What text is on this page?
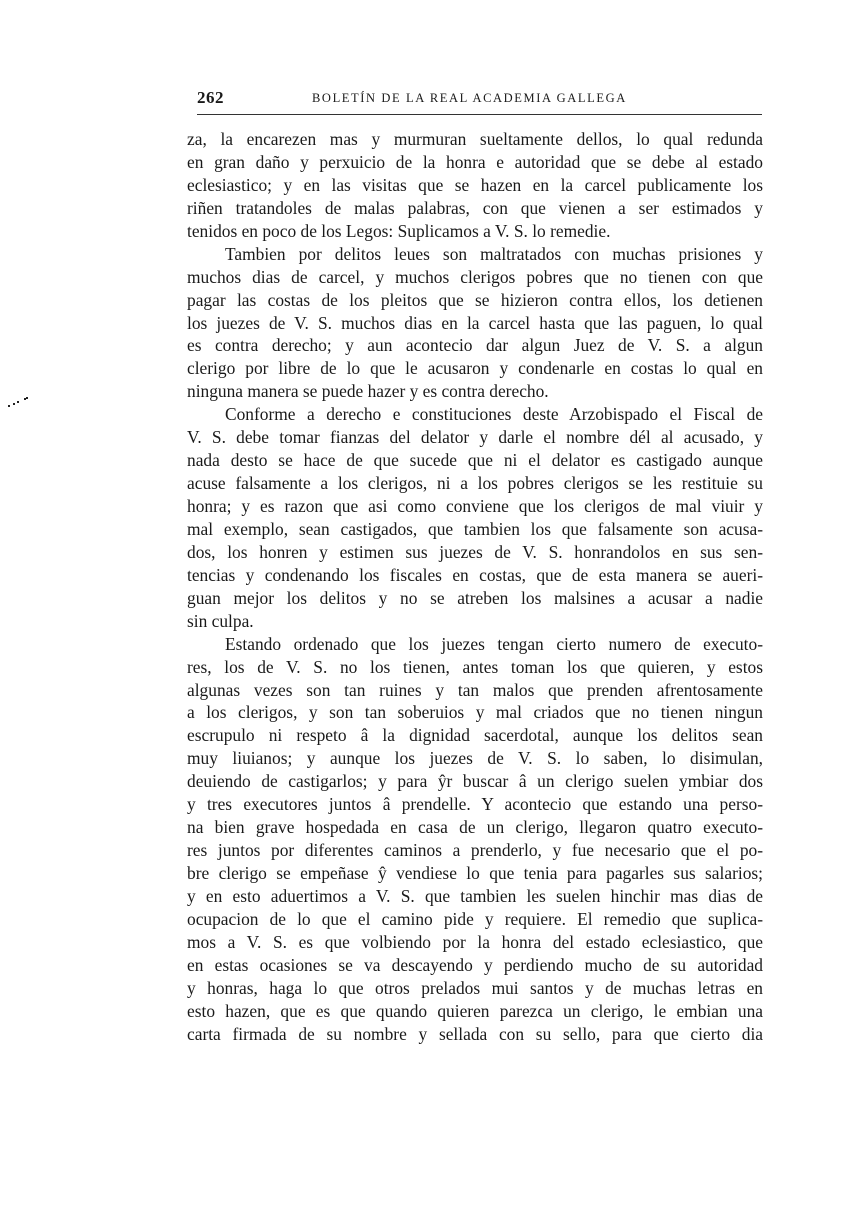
262	BOLETÍN DE LA REAL ACADEMIA GALLEGA
za, la encarezen mas y murmuran sueltamente dellos, lo qual redunda
en gran daño y perxuicio de la honra e autoridad que se debe al estado
eclesiastico; y en las visitas que se hazen en la carcel publicamente los
riñen tratandoles de malas palabras, con que vienen a ser estimados y
tenidos en poco de los Legos: Suplicamos a V. S. lo remedie.
Tambien por delitos leues son maltratados con muchas prisiones y
muchos dias de carcel, y muchos clerigos pobres que no tienen con que
pagar las costas de los pleitos que se hizieron contra ellos, los detienen
los juezes de V. S. muchos dias en la carcel hasta que las paguen, lo qual
es contra derecho; y aun acontecio dar algun Juez de V. S. a algun
clerigo por libre de lo que le acusaron y condenarle en costas lo qual en
ninguna manera se puede hazer y es contra derecho.
Conforme a derecho e constituciones deste Arzobispado el Fiscal de
V. S. debe tomar fianzas del delator y darle el nombre dél al acusado, y
nada desto se hace de que sucede que ni el delator es castigado aunque
acuse falsamente a los clerigos, ni a los pobres clerigos se les restituie su
honra; y es razon que asi como conviene que los clerigos de mal viuir y
mal exemplo, sean castigados, que tambien los que falsamente son acusa-
dos, los honren y estimen sus juezes de V. S. honrandolos en sus sen-
tencias y condenando los fiscales en costas, que de esta manera se aueri-
guan mejor los delitos y no se atreben los malsines a acusar a nadie
sin culpa.
Estando ordenado que los juezes tengan cierto numero de executo-
res, los de V. S. no los tienen, antes toman los que quieren, y estos
algunas vezes son tan ruines y tan malos que prenden afrentosamente
a los clerigos, y son tan soberuios y mal criados que no tienen ningun
escrupulo ni respeto â la dignidad sacerdotal, aunque los delitos sean
muy liuianos; y aunque los juezes de V. S. lo saben, lo disimulan,
deuiendo de castigarlos; y para ŷr buscar â un clerigo suelen ymbiar dos
y tres executores juntos â prendelle. Y acontecio que estando una perso-
na bien grave hospedada en casa de un clerigo, llegaron quatro executo-
res juntos por diferentes caminos a prenderlo, y fue necesario que el po-
bre clerigo se empeñase ŷ vendiese lo que tenia para pagarles sus salarios;
y en esto aduertimos a V. S. que tambien les suelen hinchir mas dias de
ocupacion de lo que el camino pide y requiere. El remedio que suplica-
mos a V. S. es que volbiendo por la honra del estado eclesiastico, que
en estas ocasiones se va descayendo y perdiendo mucho de su autoridad
y honras, haga lo que otros prelados mui santos y de muchas letras en
esto hazen, que es que quando quieren parezca un clerigo, le embian una
carta firmada de su nombre y sellada con su sello, para que cierto dia
